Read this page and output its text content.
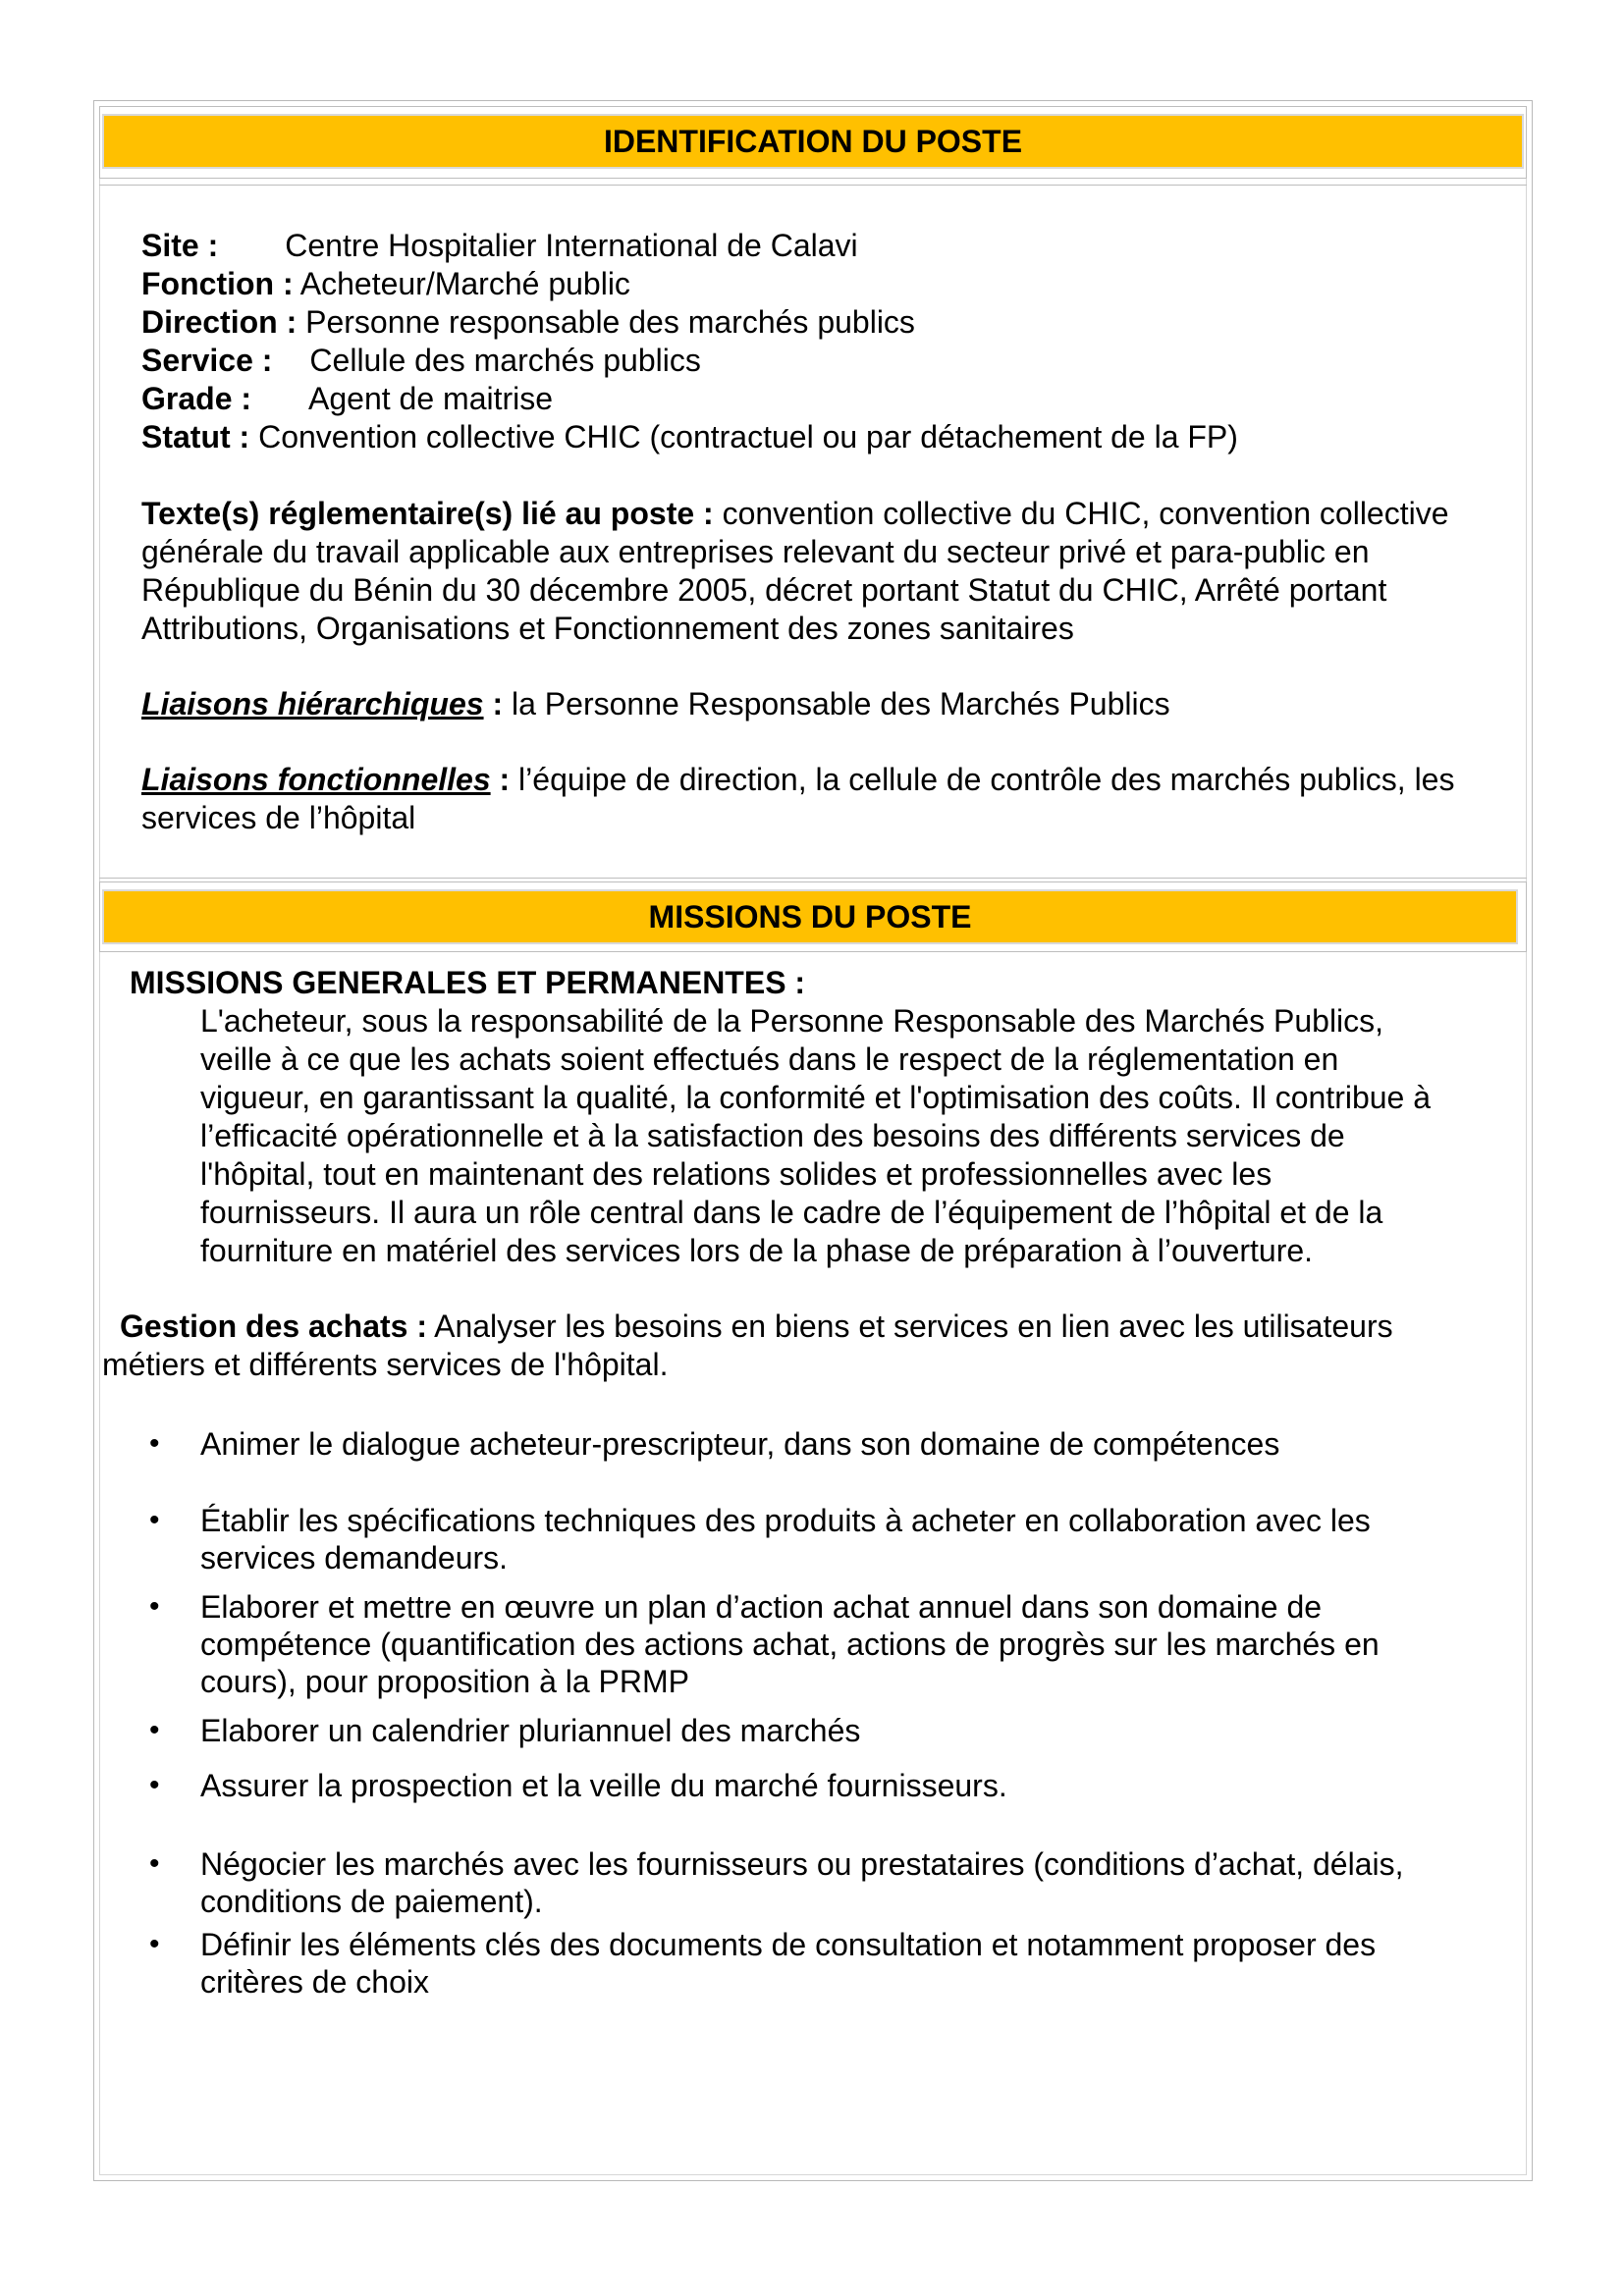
IDENTIFICATION DU POSTE
Site : Centre Hospitalier International de Calavi
Fonction : Acheteur/Marché public
Direction : Personne responsable des marchés publics
Service : Cellule des marchés publics
Grade : Agent de maitrise
Statut : Convention collective CHIC (contractuel ou par détachement de la FP)
Texte(s) réglementaire(s) lié au poste : convention collective du CHIC, convention collective
générale du travail applicable aux entreprises relevant du secteur privé et para-public en
République du Bénin du 30 décembre 2005, décret portant Statut du CHIC, Arrêté portant
Attributions, Organisations et Fonctionnement des zones sanitaires
Liaisons hiérarchiques : la Personne Responsable des Marchés Publics
Liaisons fonctionnelles : l’équipe de direction, la cellule de contrôle des marchés publics, les
services de l’hôpital
MISSIONS DU POSTE
MISSIONS GENERALES ET PERMANENTES :
L'acheteur, sous la responsabilité de la Personne Responsable des Marchés Publics,
veille à ce que les achats soient effectués dans le respect de la réglementation en
vigueur, en garantissant la qualité, la conformité et l'optimisation des coûts. Il contribue à
l’efficacité opérationnelle et à la satisfaction des besoins des différents services de
l'hôpital, tout en maintenant des relations solides et professionnelles avec les
fournisseurs. Il aura un rôle central dans le cadre de l’équipement de l’hôpital et de la
fourniture en matériel des services lors de la phase de préparation à l’ouverture.
Gestion des achats : Analyser les besoins en biens et services en lien avec les utilisateurs
métiers et différents services de l'hôpital.
• Animer le dialogue acheteur-prescripteur, dans son domaine de compétences
• Établir les spécifications techniques des produits à acheter en collaboration avec les
services demandeurs.
• Elaborer et mettre en œuvre un plan d’action achat annuel dans son domaine de
compétence (quantification des actions achat, actions de progrès sur les marchés en
cours), pour proposition à la PRMP
• Elaborer un calendrier pluriannuel des marchés
• Assurer la prospection et la veille du marché fournisseurs.
• Négocier les marchés avec les fournisseurs ou prestataires (conditions d’achat, délais,
conditions de paiement).
• Définir les éléments clés des documents de consultation et notamment proposer des
critères de choix
